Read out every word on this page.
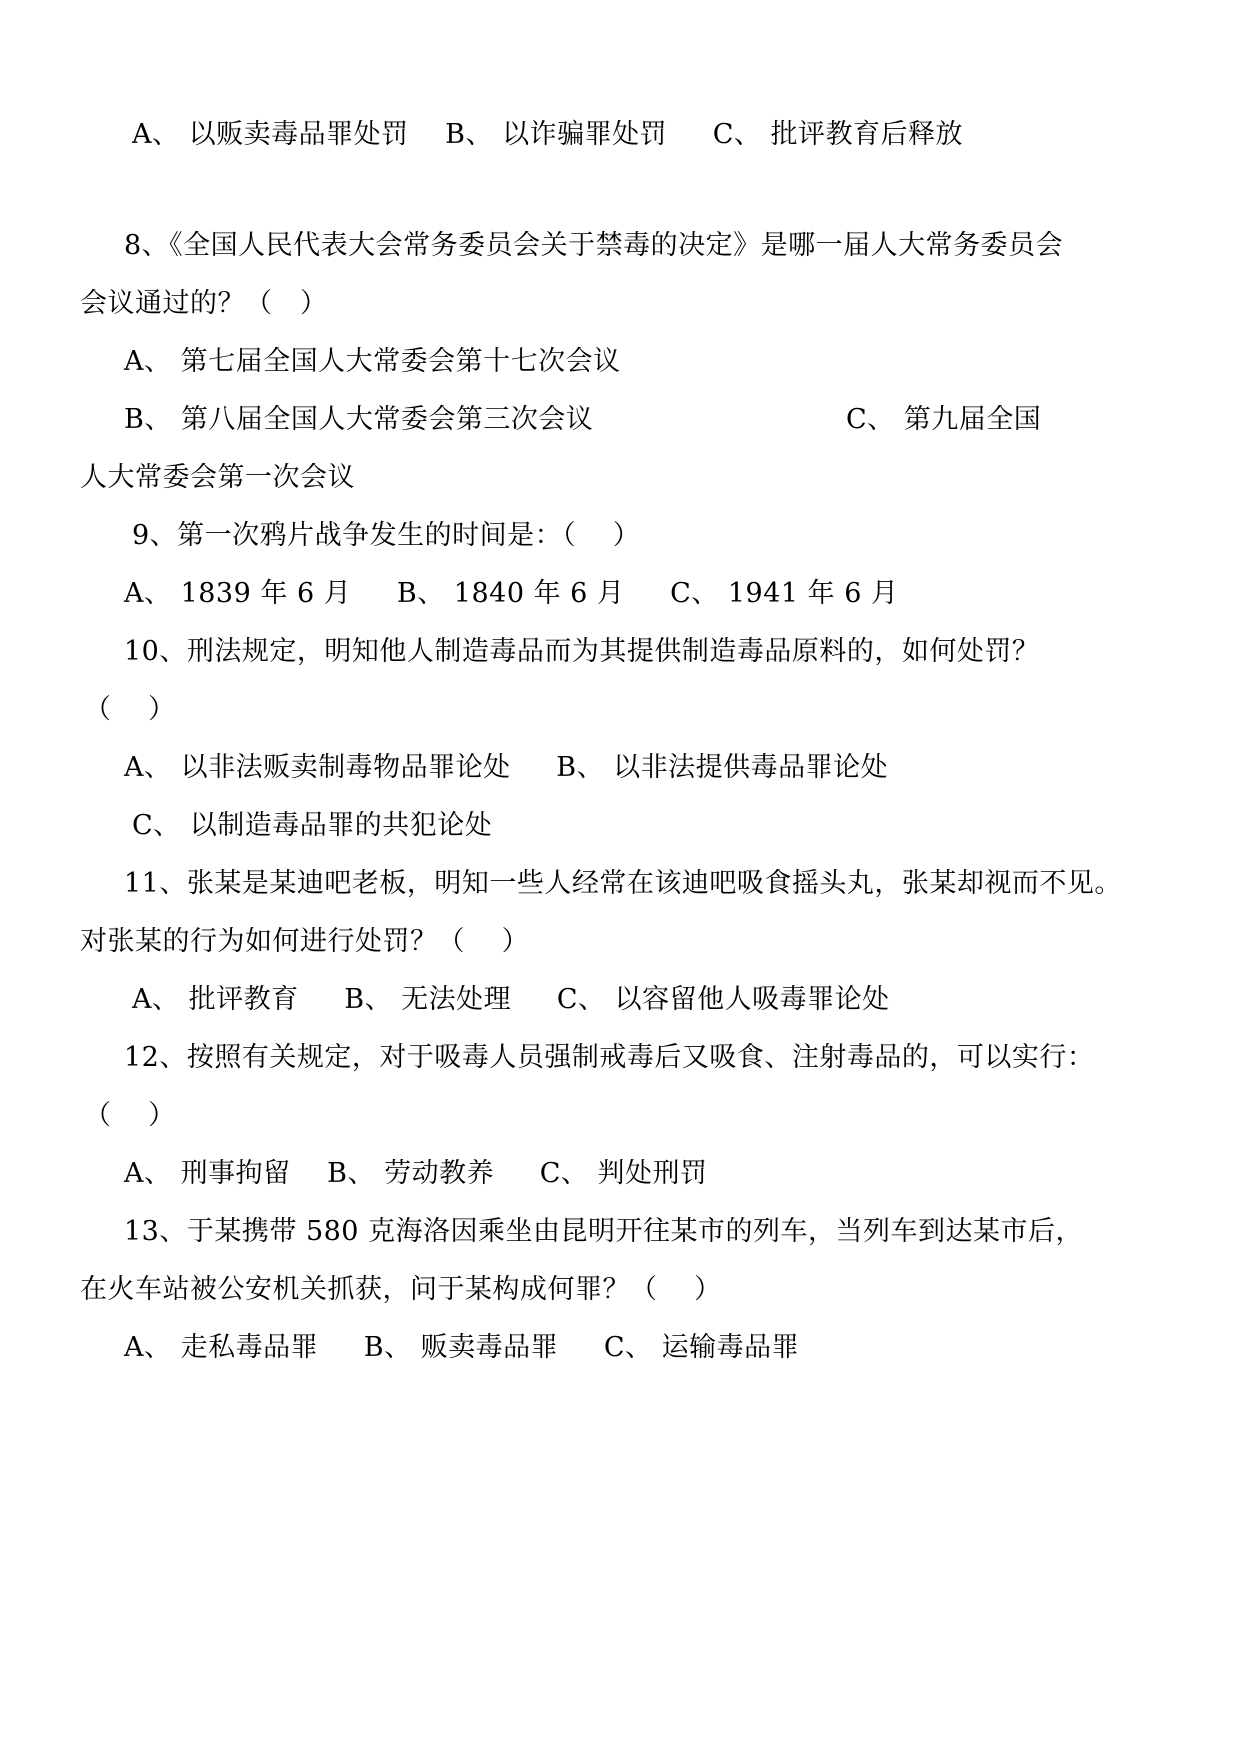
A、 以贩卖毒品罪处罚 　B、 以诈骗罪处罚 　 C、 批评教育后释放
8、《全国人民代表大会常务委员会关于禁毒的决定》是哪一届人大常务委员会
会议通过的？（　）
A、 第七届全国人大常委会第十七次会议
B、 第八届全国人大常委会第三次会议	C、 第九届全国
人大常委会第一次会议
9、第一次鸦片战争发生的时间是：（　 ）
A、 1839 年 6 月 　 B、 1840 年 6 月 　 C、 1941 年 6 月
10、刑法规定，明知他人制造毒品而为其提供制造毒品原料的，如何处罚？
（　 ）
A、 以非法贩卖制毒物品罪论处 　 B、 以非法提供毒品罪论处
C、 以制造毒品罪的共犯论处
11、张某是某迪吧老板，明知一些人经常在该迪吧吸食摇头丸，张某却视而不见。
对张某的行为如何进行处罚？（　 ）
A、 批评教育 　 B、 无法处理 　 C、 以容留他人吸毒罪论处
12、按照有关规定，对于吸毒人员强制戒毒后又吸食、注射毒品的，可以实行：
（　 ）
A、 刑事拘留 　B、 劳动教养 　 C、 判处刑罚
13、于某携带 580 克海洛因乘坐由昆明开往某市的列车，当列车到达某市后，
在火车站被公安机关抓获，问于某构成何罪？（　 ）
A、 走私毒品罪 　 B、 贩卖毒品罪 　 C、 运输毒品罪
